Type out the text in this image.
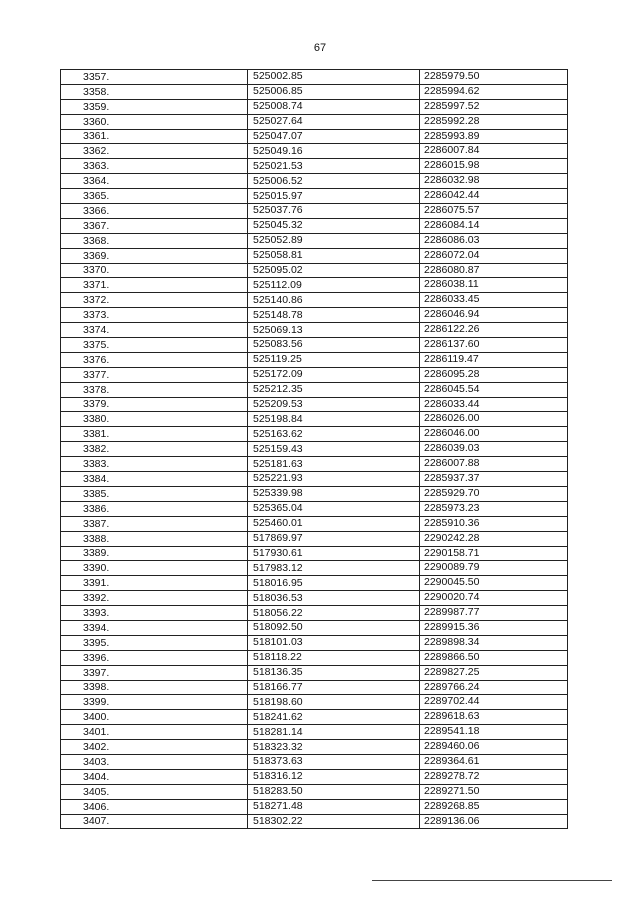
67
3357.	525002.85	2285979.50
3358.	525006.85	2285994.62
3359.	525008.74	2285997.52
3360.	525027.64	2285992.28
3361.	525047.07	2285993.89
3362.	525049.16	2286007.84
3363.	525021.53	2286015.98
3364.	525006.52	2286032.98
3365.	525015.97	2286042.44
3366.	525037.76	2286075.57
3367.	525045.32	2286084.14
3368.	525052.89	2286086.03
3369.	525058.81	2286072.04
3370.	525095.02	2286080.87
3371.	525112.09	2286038.11
3372.	525140.86	2286033.45
3373.	525148.78	2286046.94
3374.	525069.13	2286122.26
3375.	525083.56	2286137.60
3376.	525119.25	2286119.47
3377.	525172.09	2286095.28
3378.	525212.35	2286045.54
3379.	525209.53	2286033.44
3380.	525198.84	2286026.00
3381.	525163.62	2286046.00
3382.	525159.43	2286039.03
3383.	525181.63	2286007.88
3384.	525221.93	2285937.37
3385.	525339.98	2285929.70
3386.	525365.04	2285973.23
3387.	525460.01	2285910.36
3388.	517869.97	2290242.28
3389.	517930.61	2290158.71
3390.	517983.12	2290089.79
3391.	518016.95	2290045.50
3392.	518036.53	2290020.74
3393.	518056.22	2289987.77
3394.	518092.50	2289915.36
3395.	518101.03	2289898.34
3396.	518118.22	2289866.50
3397.	518136.35	2289827.25
3398.	518166.77	2289766.24
3399.	518198.60	2289702.44
3400.	518241.62	2289618.63
3401.	518281.14	2289541.18
3402.	518323.32	2289460.06
3403.	518373.63	2289364.61
3404.	518316.12	2289278.72
3405.	518283.50	2289271.50
3406.	518271.48	2289268.85
3407.	518302.22	2289136.06
